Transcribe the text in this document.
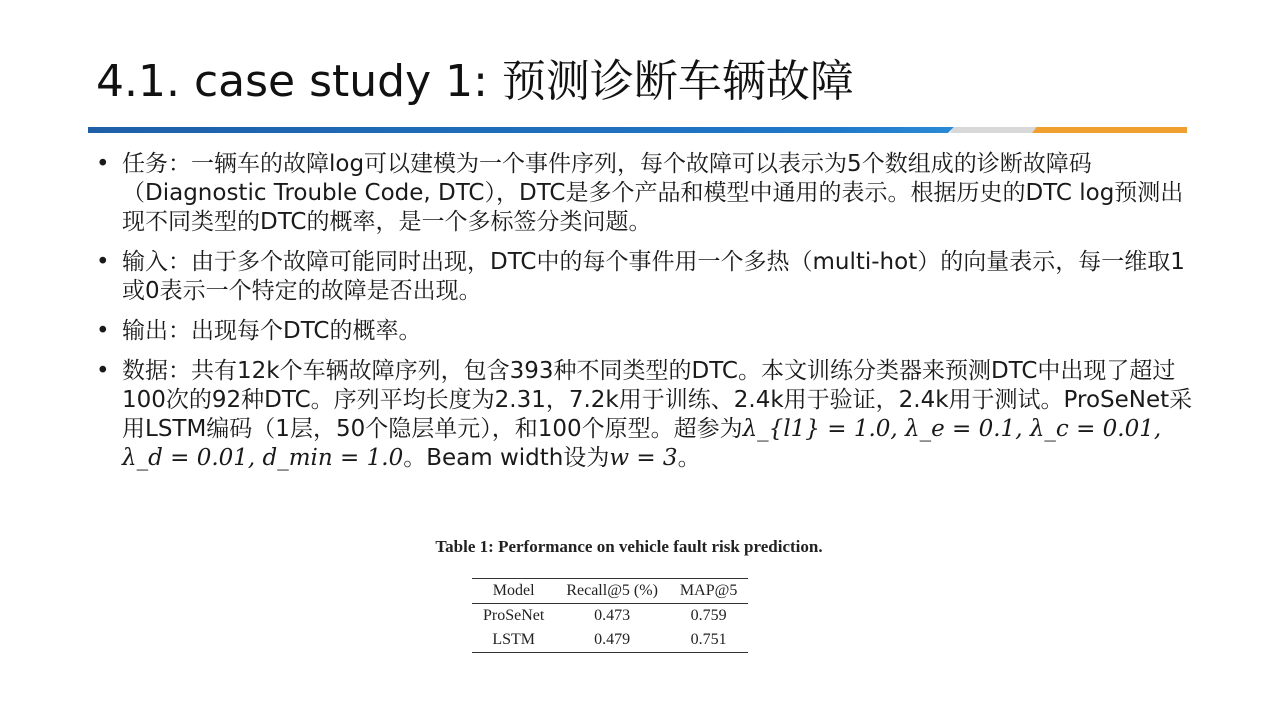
4.1. case study 1: 预测诊断车辆故障
• 任务：一辆车的故障log可以建模为一个事件序列，每个故障可以表示为5个数组成的诊断故障码（Diagnostic Trouble Code, DTC），DTC是多个产品和模型中通用的表示。根据历史的DTC log预测出现不同类型的DTC的概率，是一个多标签分类问题。
• 输入：由于多个故障可能同时出现，DTC中的每个事件用一个多热（multi-hot）的向量表示，每一维取1或0表示一个特定的故障是否出现。
• 输出：出现每个DTC的概率。
• 数据：共有12k个车辆故障序列，包含393种不同类型的DTC。本文训练分类器来预测DTC中出现了超过100次的92种DTC。序列平均长度为2.31，7.2k用于训练、2.4k用于验证，2.4k用于测试。ProSeNet采用LSTM编码（1层，50个隐层单元），和100个原型。超参为λ_{l1} = 1.0, λ_e = 0.1, λ_c = 0.01, λ_d = 0.01, d_min = 1.0。Beam width设为w = 3。
Table 1: Performance on vehicle fault risk prediction.
Model	Recall@5 (%)	MAP@5
ProSeNet	0.473	0.759
LSTM	0.479	0.751
